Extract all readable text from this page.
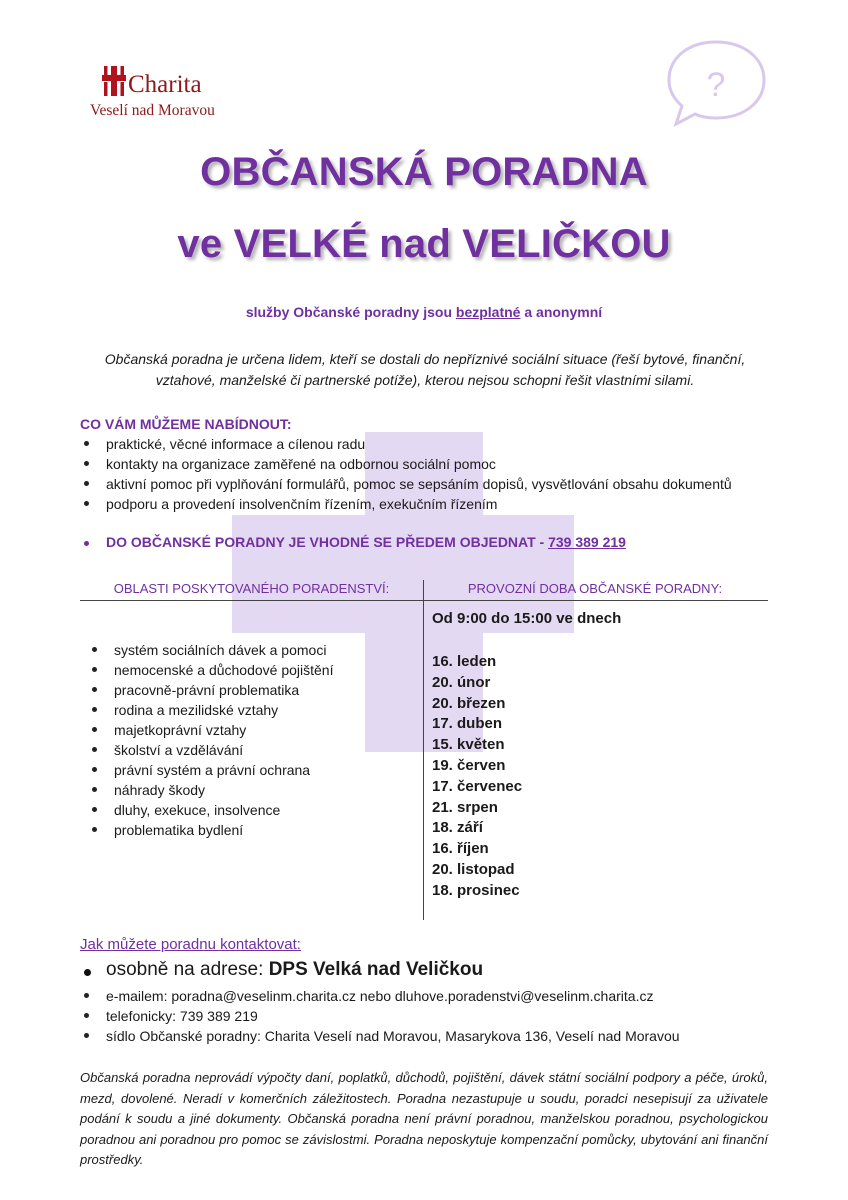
Charita
Veselí nad Moravou
?
OBČANSKÁ PORADNA
ve VELKÉ nad VELIČKOU
služby Občanské poradny jsou bezplatné a anonymní
Občanská poradna je určena lidem, kteří se dostali do nepříznivé sociální situace (řeší bytové, finanční, vztahové, manželské či partnerské potíže), kterou nejsou schopni řešit vlastními silami.
CO VÁM MŮŽEME NABÍDNOUT:
praktické, věcné informace a cílenou radu
kontakty na organizace zaměřené na odbornou sociální pomoc
aktivní pomoc při vyplňování formulářů, pomoc se sepsáním dopisů, vysvětlování obsahu dokumentů
podporu a provedení insolvenčním řízením, exekučním řízením
DO OBČANSKÉ PORADNY JE VHODNÉ SE PŘEDEM OBJEDNAT - 739 389 219
OBLASTI POSKYTOVANÉHO PORADENSTVÍ:	PROVOZNÍ DOBA OBČANSKÉ PORADNY:
systém sociálních dávek a pomoci
nemocenské a důchodové pojištění
pracovně-právní problematika
rodina a mezilidské vztahy
majetkoprávní vztahy
školství a vzdělávání
právní systém a právní ochrana
náhrady škody
dluhy, exekuce, insolvence
problematika bydlení
Od 9:00 do 15:00 ve dnech
16. leden
20. únor
20. březen
17. duben
15. květen
19. červen
17. červenec
21. srpen
18. září
16. říjen
20. listopad
18. prosinec
Jak můžete poradnu kontaktovat:
osobně na adrese: DPS Velká nad Veličkou
e-mailem: poradna@veselinm.charita.cz nebo dluhove.poradenstvi@veselinm.charita.cz
telefonicky: 739 389 219
sídlo Občanské poradny: Charita Veselí nad Moravou, Masarykova 136, Veselí nad Moravou
Občanská poradna neprovádí výpočty daní, poplatků, důchodů, pojištění, dávek státní sociální podpory a péče, úroků, mezd, dovolené. Neradí v komerčních záležitostech. Poradna nezastupuje u soudu, poradci nesepisují za uživatele podání k soudu a jiné dokumenty. Občanská poradna není právní poradnou, manželskou poradnou, psychologickou poradnou ani poradnou pro pomoc se závislostmi. Poradna neposkytuje kompenzační pomůcky, ubytování ani finanční prostředky.
